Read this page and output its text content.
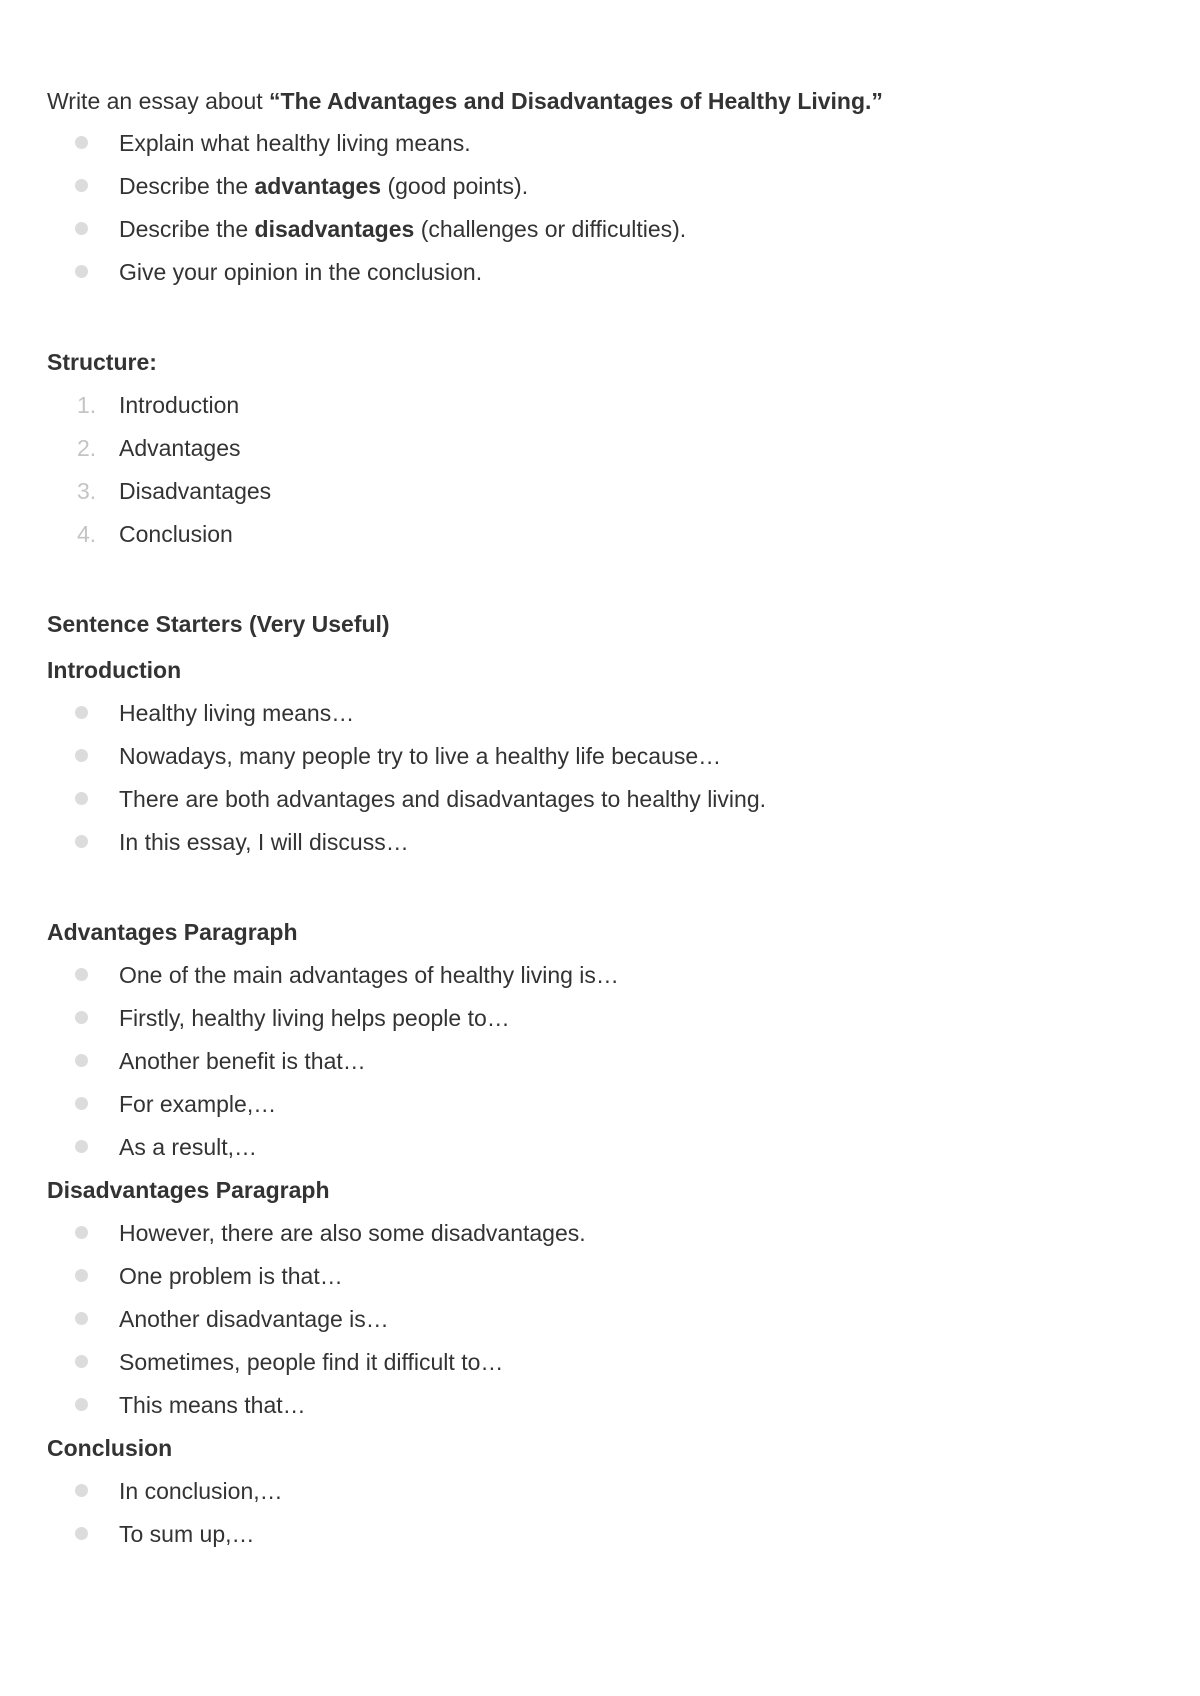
Write an essay about “The Advantages and Disadvantages of Healthy Living.”
Explain what healthy living means.
Describe the advantages (good points).
Describe the disadvantages (challenges or difficulties).
Give your opinion in the conclusion.
Structure:
1. Introduction
2. Advantages
3. Disadvantages
4. Conclusion
Sentence Starters (Very Useful)
Introduction
Healthy living means…
Nowadays, many people try to live a healthy life because…
There are both advantages and disadvantages to healthy living.
In this essay, I will discuss…
Advantages Paragraph
One of the main advantages of healthy living is…
Firstly, healthy living helps people to…
Another benefit is that…
For example,…
As a result,…
Disadvantages Paragraph
However, there are also some disadvantages.
One problem is that…
Another disadvantage is…
Sometimes, people find it difficult to…
This means that…
Conclusion
In conclusion,…
To sum up,…
